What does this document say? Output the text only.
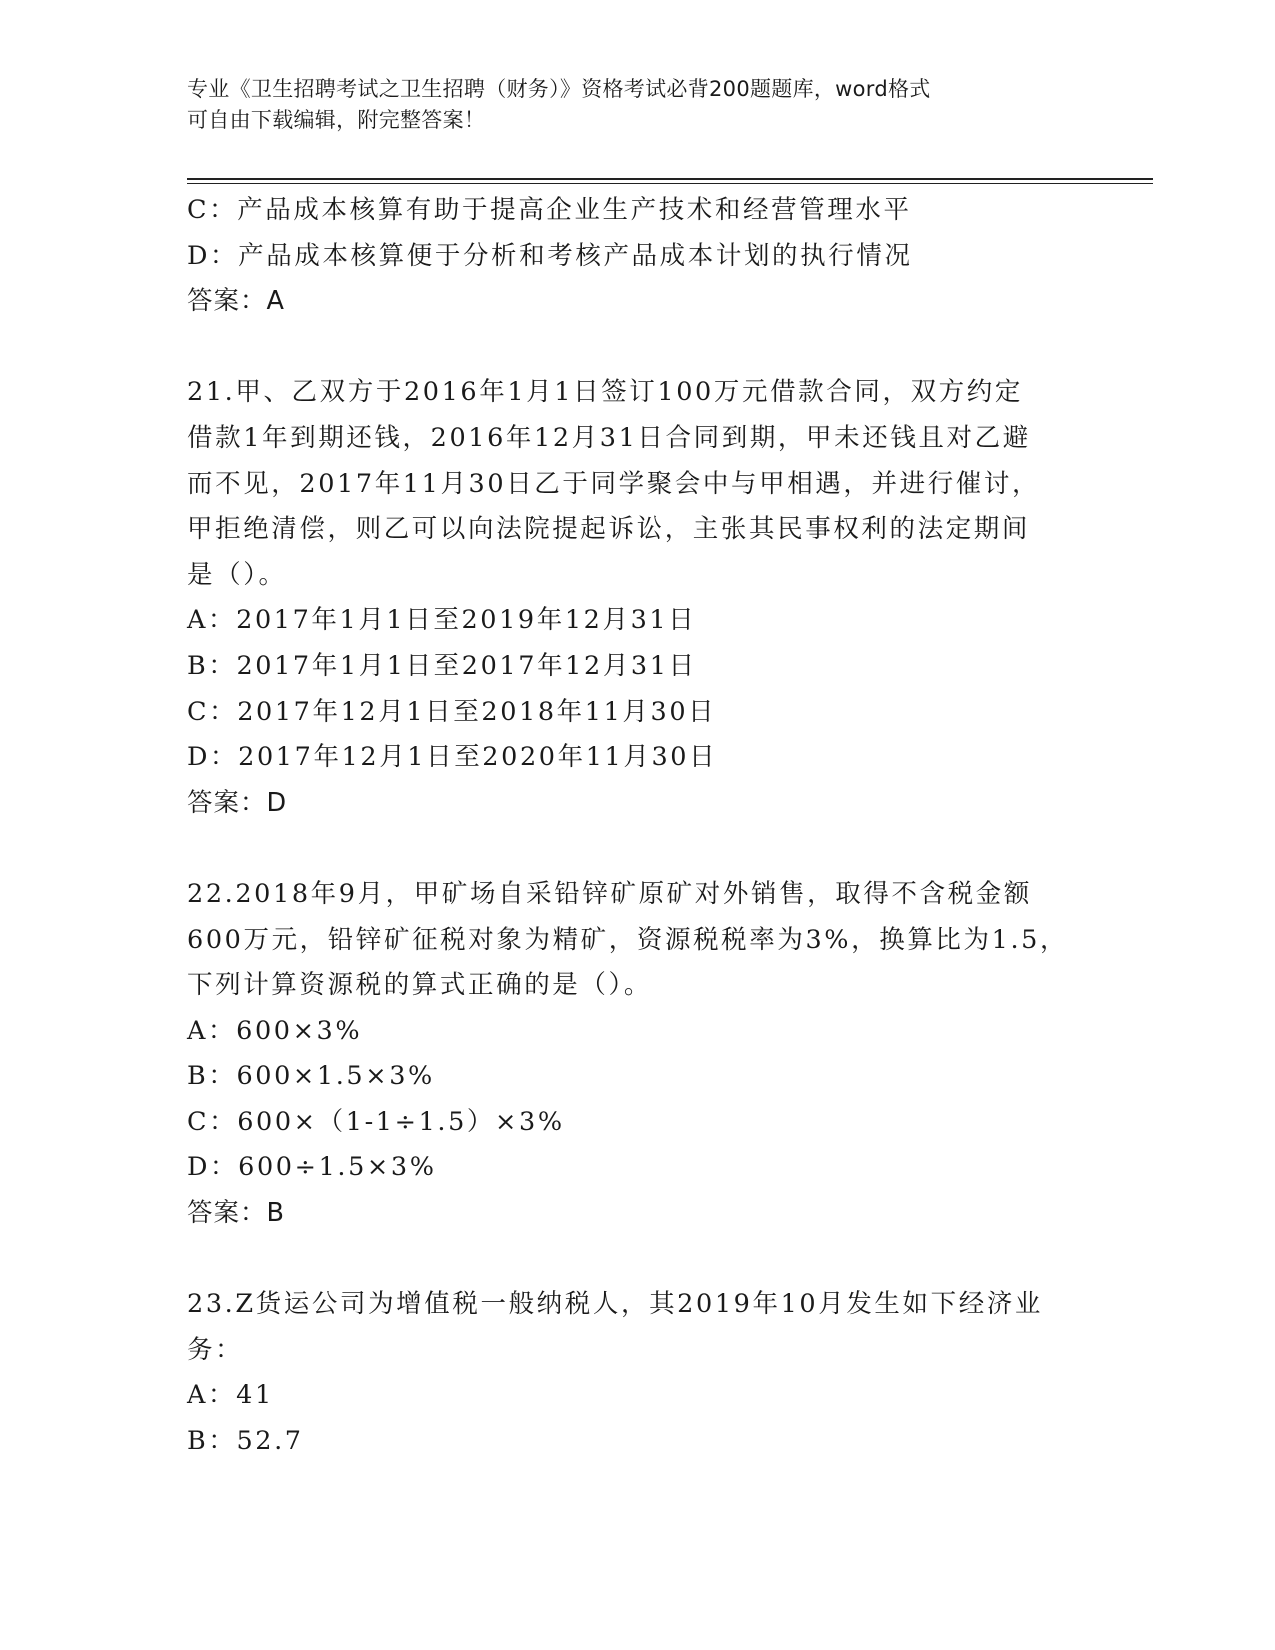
专业《卫生招聘考试之卫生招聘（财务）》资格考试必背200题题库，word格式
可自由下载编辑，附完整答案！
C：产品成本核算有助于提高企业生产技术和经营管理水平
D：产品成本核算便于分析和考核产品成本计划的执行情况
答案：A
21.甲、乙双方于2016年1月1日签订100万元借款合同，双方约定
借款1年到期还钱，2016年12月31日合同到期，甲未还钱且对乙避
而不见，2017年11月30日乙于同学聚会中与甲相遇，并进行催讨，
甲拒绝清偿，则乙可以向法院提起诉讼，主张其民事权利的法定期间
是（）。
A：2017年1月1日至2019年12月31日
B：2017年1月1日至2017年12月31日
C：2017年12月1日至2018年11月30日
D：2017年12月1日至2020年11月30日
答案：D
22.2018年9月，甲矿场自采铅锌矿原矿对外销售，取得不含税金额
600万元，铅锌矿征税对象为精矿，资源税税率为3%，换算比为1.5，
下列计算资源税的算式正确的是（）。
A：600×3%
B：600×1.5×3%
C：600×（1-1÷1.5）×3%
D：600÷1.5×3%
答案：B
23.Z货运公司为增值税一般纳税人，其2019年10月发生如下经济业
务：
A：41
B：52.7
